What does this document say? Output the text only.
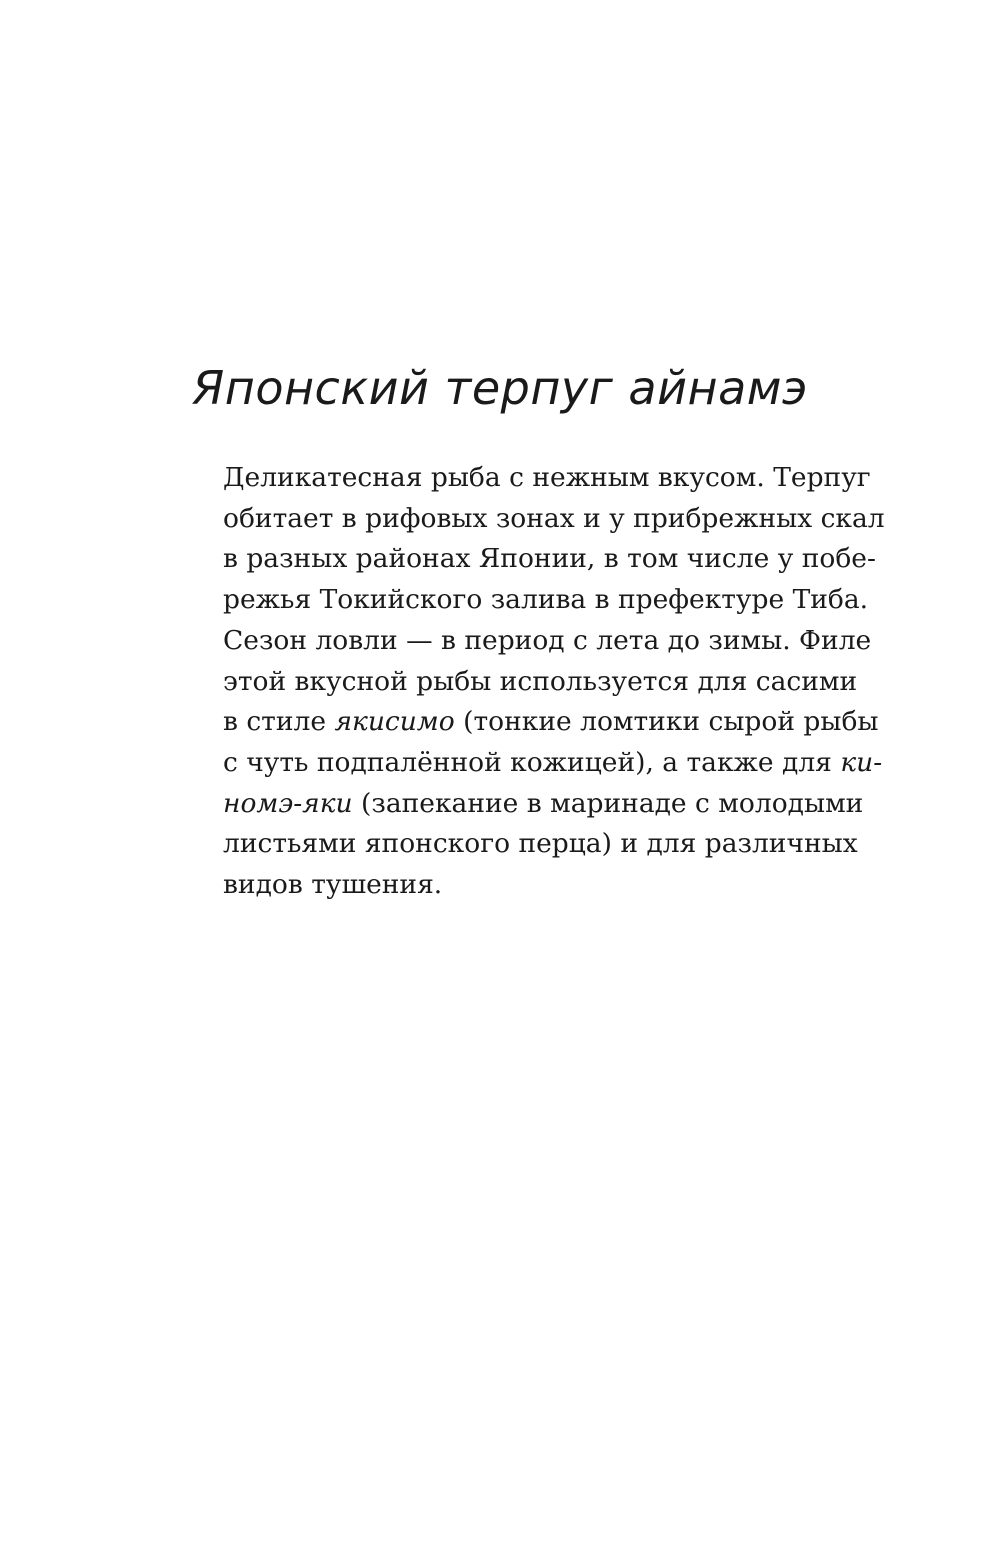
Японский терпуг айнамэ
Деликатесная рыба с нежным вкусом. Терпуг
обитает в рифовых зонах и у прибрежных скал
в разных районах Японии, в том числе у побе-
режья Токийского залива в префектуре Тиба.
Сезон ловли — в период с лета до зимы. Филе
этой вкусной рыбы используется для сасими
в стиле якисимо (тонкие ломтики сырой рыбы
с чуть подпалённой кожицей), а также для ки-
номэ-яки (запекание в маринаде с молодыми
листьями японского перца) и для различных
видов тушения.
